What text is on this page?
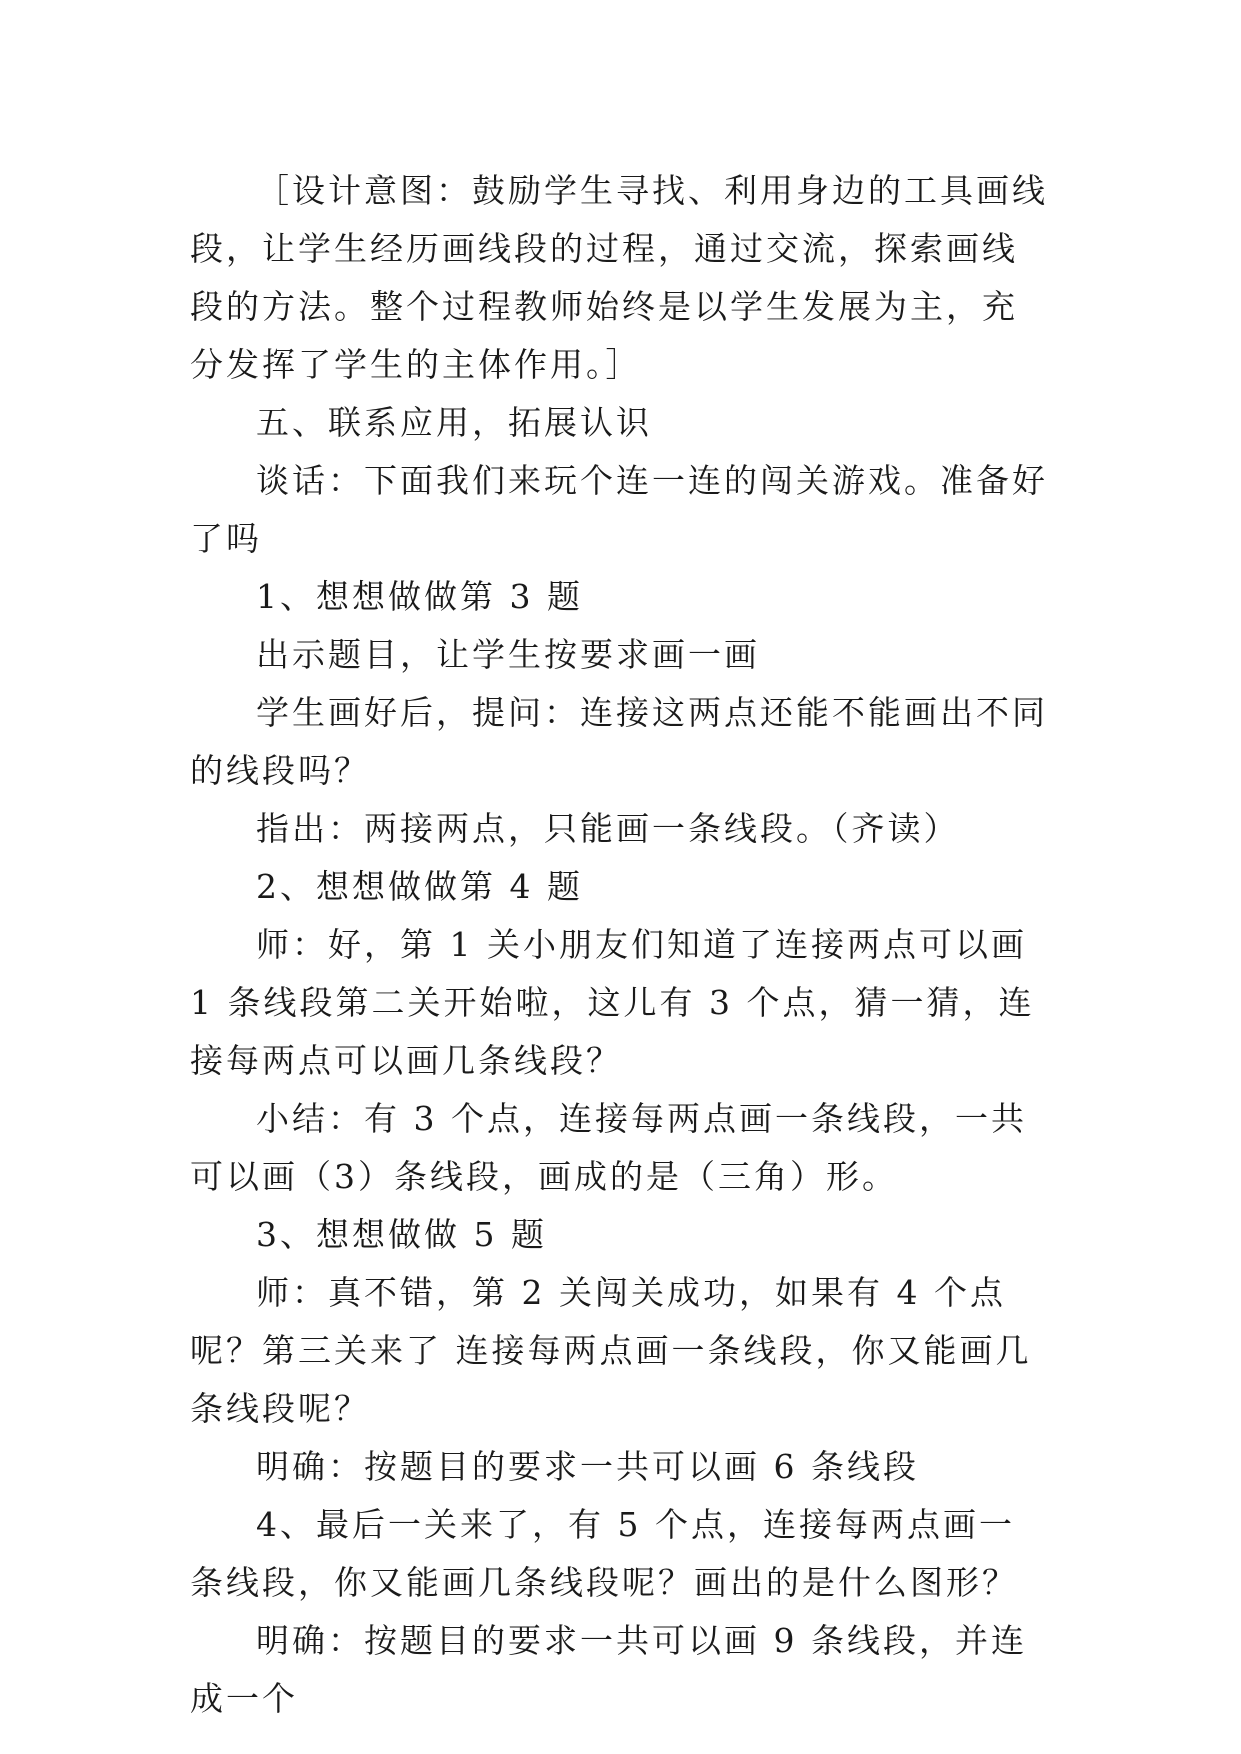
［设计意图：鼓励学生寻找、利用身边的工具画线段，让学生经历画线段的过程，通过交流，探索画线段的方法。整个过程教师始终是以学生发展为主，充分发挥了学生的主体作用。］

五、联系应用，拓展认识

谈话：下面我们来玩个连一连的闯关游戏。准备好了吗

1、想想做做第 3 题

出示题目，让学生按要求画一画

学生画好后，提问：连接这两点还能不能画出不同的线段吗？

指出：两接两点，只能画一条线段。（齐读）

2、想想做做第 4 题

师：好，第 1 关小朋友们知道了连接两点可以画 1 条线段第二关开始啦，这儿有 3 个点，猜一猜，连接每两点可以画几条线段？

小结：有 3 个点，连接每两点画一条线段，一共可以画（3）条线段，画成的是（三角）形。

3、想想做做 5 题

师：真不错，第 2 关闯关成功，如果有 4 个点呢？第三关来了 连接每两点画一条线段，你又能画几条线段呢？

明确：按题目的要求一共可以画 6 条线段

4、最后一关来了，有 5 个点，连接每两点画一条线段，你又能画几条线段呢？画出的是什么图形？

明确：按题目的要求一共可以画 9 条线段，并连成一个
